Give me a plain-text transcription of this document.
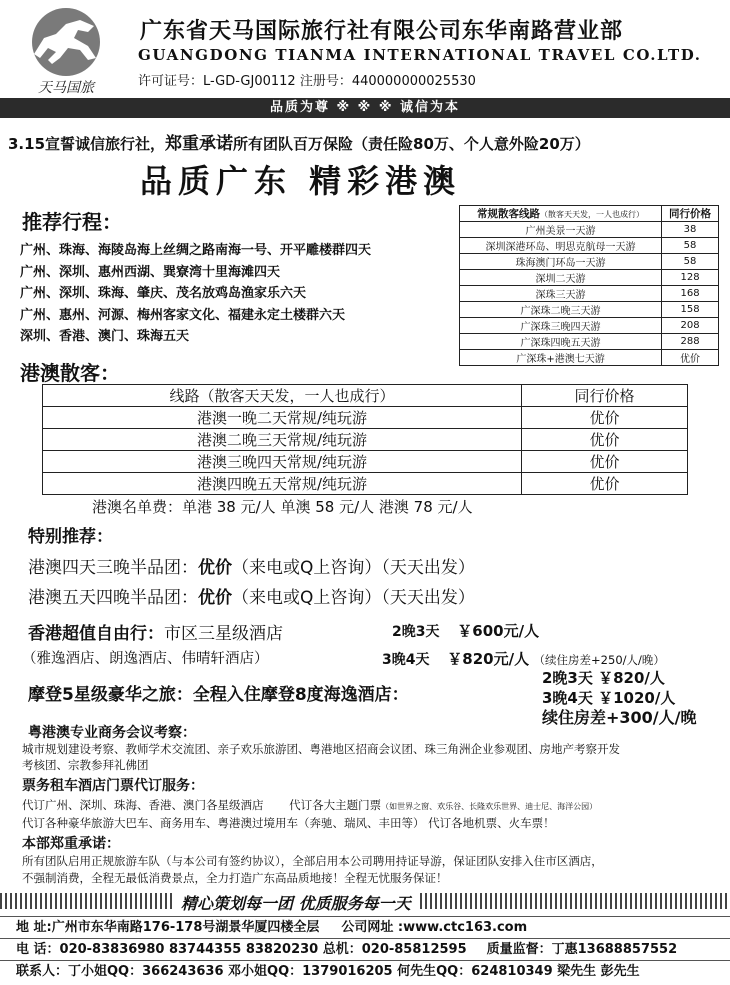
天马国旅
广东省天马国际旅行社有限公司东华南路营业部
GUANGDONG TIANMA INTERNATIONAL TRAVEL CO.LTD.
许可证号：L-GD-GJ00112 注册号：440000000025530
品质为尊 ※ ※ ※ 诚信为本
3.15宣誓诚信旅行社，郑重承诺所有团队百万保险（责任险80万、个人意外险20万）
品质广东 精彩港澳
推荐行程：
广州、珠海、海陵岛海上丝绸之路南海一号、开平雕楼群四天
广州、深圳、惠州西湖、巽寮湾十里海滩四天
广州、深圳、珠海、肇庆、茂名放鸡岛渔家乐六天
广州、惠州、河源、梅州客家文化、福建永定土楼群六天
深圳、香港、澳门、珠海五天
常规散客线路（散客天天发，一人也成行）	同行价格
广州美景一天游	38
深圳深港环岛、明思克航母一天游	58
珠海澳门环岛一天游	58
深圳二天游	128
深珠三天游	168
广深珠二晚三天游	158
广深珠三晚四天游	208
广深珠四晚五天游	288
广深珠+港澳七天游	优价
港澳散客：
线路（散客天天发，一人也成行）	同行价格
港澳一晚二天常规/纯玩游	优价
港澳二晚三天常规/纯玩游	优价
港澳三晚四天常规/纯玩游	优价
港澳四晚五天常规/纯玩游	优价
港澳名单费：单港 38 元/人 单澳 58 元/人 港澳 78 元/人
特别推荐：
港澳四天三晚半品团：优价（来电或Q上咨询）（天天出发）
港澳五天四晚半品团：优价（来电或Q上咨询）（天天出发）
香港超值自由行：市区三星级酒店	2晚3天 ￥600元/人
（雅逸酒店、朗逸酒店、伟晴轩酒店）	3晚4天 ￥820元/人 （续住房差+250/人/晚）
摩登5星级豪华之旅：全程入住摩登8度海逸酒店：
2晚3天 ￥820/人
3晚4天 ￥1020/人
续住房差+300/人/晚
粤港澳专业商务会议考察：
城市规划建设考察、教师学术交流团、亲子欢乐旅游团、粤港地区招商会议团、珠三角洲企业参观团、房地产考察开发
考核团、宗教参拜礼佛团
票务租车酒店门票代订服务：
代订广州、深圳、珠海、香港、澳门各星级酒店 代订各大主题门票（如世界之窗、欢乐谷、长隆欢乐世界、迪士尼、海洋公园）
代订各种豪华旅游大巴车、商务用车、粤港澳过境用车（奔驰、瑞风、丰田等） 代订各地机票、火车票！
本部郑重承诺：
所有团队启用正规旅游车队（与本公司有签约协议），全部启用本公司聘用持证导游，保证团队安排入住市区酒店，
不强制消费，全程无最低消费景点，全力打造广东高品质地接！全程无忧服务保证！
精心策划每一团 优质服务每一天
地 址:广州市东华南路176-178号湖景华厦四楼全层 公司网址 :www.ctc163.com
电 话：020-83836980 83744355 83820230 总机：020-85812595 质量监督：丁惠13688857552
联系人：丁小姐QQ：366243636 邓小姐QQ：1379016205 何先生QQ：624810349 梁先生 彭先生
